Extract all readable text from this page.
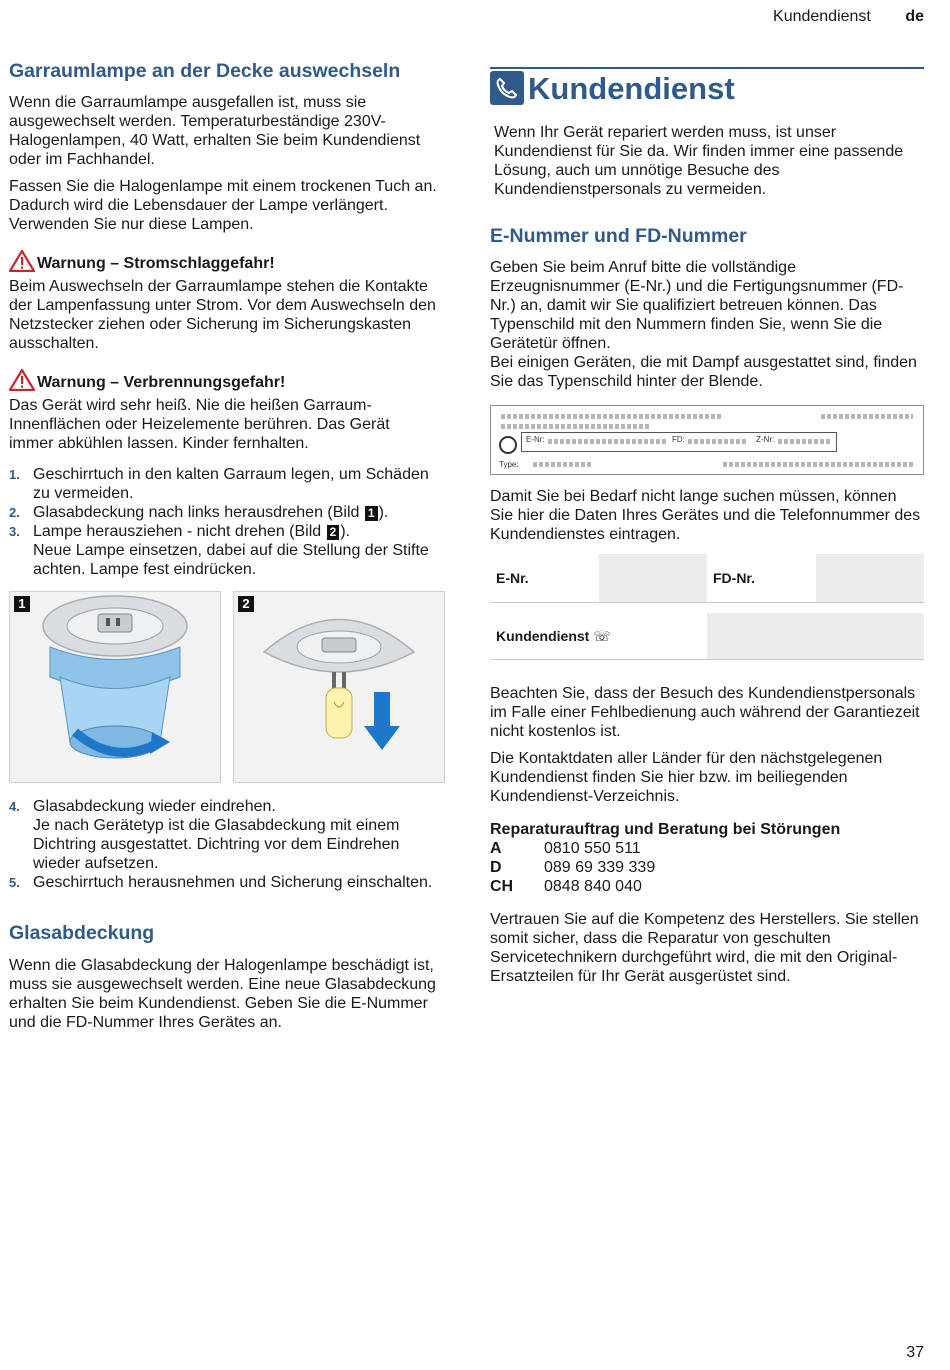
Kundendienst de
Garraumlampe an der Decke auswechseln

Wenn die Garraumlampe ausgefallen ist, muss sie ausgewechselt werden. Temperaturbeständige 230V-Halogenlampen, 40 Watt, erhalten Sie beim Kundendienst oder im Fachhandel.

Fassen Sie die Halogenlampe mit einem trockenen Tuch an. Dadurch wird die Lebensdauer der Lampe verlängert. Verwenden Sie nur diese Lampen.

Warnung – Stromschlaggefahr!

Beim Auswechseln der Garraumlampe stehen die Kontakte der Lampenfassung unter Strom. Vor dem Auswechseln den Netzstecker ziehen oder Sicherung im Sicherungskasten ausschalten.

Warnung – Verbrennungsgefahr!

Das Gerät wird sehr heiß. Nie die heißen Garraum-Innenflächen oder Heizelemente berühren. Das Gerät immer abkühlen lassen. Kinder fernhalten.

1. Geschirrtuch in den kalten Garraum legen, um Schäden zu vermeiden.
2. Glasabdeckung nach links herausdrehen (Bild 1 ).
3. Lampe herausziehen - nicht drehen (Bild 2 ).
Neue Lampe einsetzen, dabei auf die Stellung der Stifte achten. Lampe fest eindrücken.
1	2
4. Glasabdeckung wieder eindrehen.
Je nach Gerätetyp ist die Glasabdeckung mit einem Dichtring ausgestattet. Dichtring vor dem Eindrehen wieder aufsetzen.
5. Geschirrtuch herausnehmen und Sicherung einschalten.
Glasabdeckung

Wenn die Glasabdeckung der Halogenlampe beschädigt ist, muss sie ausgewechselt werden. Eine neue Glasabdeckung erhalten Sie beim Kundendienst. Geben Sie die E-Nummer und die FD-Nummer Ihres Gerätes an.

Kundendienst

Wenn Ihr Gerät repariert werden muss, ist unser Kundendienst für Sie da. Wir finden immer eine passende Lösung, auch um unnötige Besuche des Kundendienstpersonals zu vermeiden.

E-Nummer und FD-Nummer

Geben Sie beim Anruf bitte die vollständige Erzeugnisnummer (E-Nr.) und die Fertigungsnummer (FD-Nr.) an, damit wir Sie qualifiziert betreuen können. Das Typenschild mit den Nummern finden Sie, wenn Sie die Gerätetür öffnen.

Bei einigen Geräten, die mit Dampf ausgestattet sind, finden Sie das Typenschild hinter der Blende.

E-Nr:	FD:	Z-Nr:
Type:

Damit Sie bei Bedarf nicht lange suchen müssen, können Sie hier die Daten Ihres Gerätes und die Telefonnummer des Kundendienstes eintragen.

E-Nr.	FD-Nr.
Kundendienst ☏

Beachten Sie, dass der Besuch des Kundendienstpersonals im Falle einer Fehlbedienung auch während der Garantiezeit nicht kostenlos ist.

Die Kontaktdaten aller Länder für den nächstgelegenen Kundendienst finden Sie hier bzw. im beiliegenden Kundendienst-Verzeichnis.

Reparaturauftrag und Beratung bei Störungen
A	0810 550 511
D	089 69 339 339
CH	0848 840 040

Vertrauen Sie auf die Kompetenz des Herstellers. Sie stellen somit sicher, dass die Reparatur von geschulten Servicetechnikern durchgeführt wird, die mit den Original-Ersatzteilen für Ihr Gerät ausgerüstet sind.

37
